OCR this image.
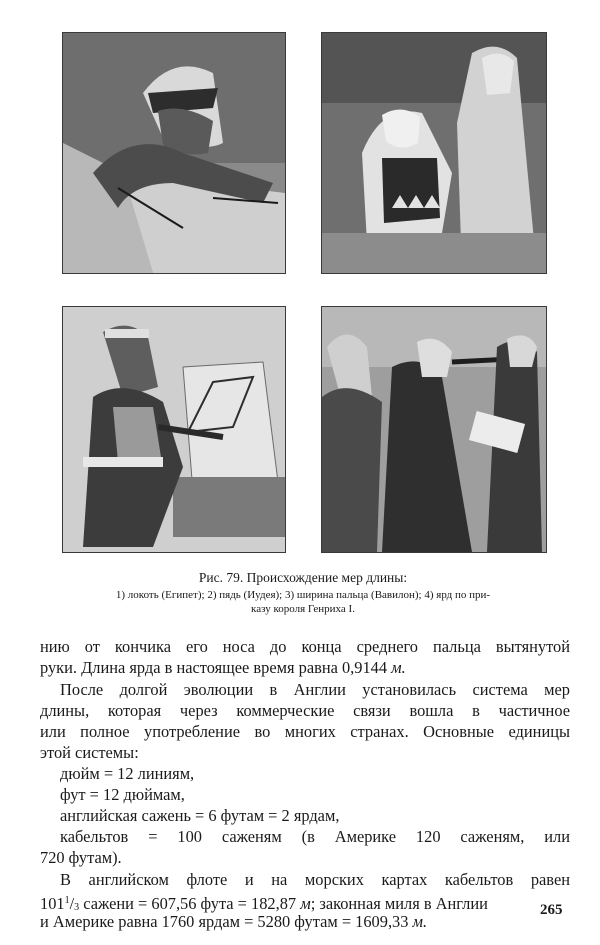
Рис. 79. Происхождение мер длины:
1) локоть (Египет); 2) пядь (Иудея); 3) ширина пальца (Вавилон); 4) ярд по при-
казу короля Генриха I.
нию от кончика его носа до конца среднего пальца вытянутой
руки. Длина ярда в настоящее время равна 0,9144 м.
После долгой эволюции в Англии установилась система мер
длины, которая через коммерческие связи вошла в частичное
или полное употребление во многих странах. Основные единицы
этой системы:
дюйм = 12 линиям,
фут = 12 дюймам,
английская сажень = 6 футам = 2 ярдам,
кабельтов = 100 саженям (в Америке 120 саженям, или
720 футам).
В английском флоте и на морских картах кабельтов равен
$101^1/_3$ сажени = 607,56 фута = 182,87 м; законная миля в Англии
и Америке равна 1760 ярдам = 5280 футам = 1609,33 м.
265
